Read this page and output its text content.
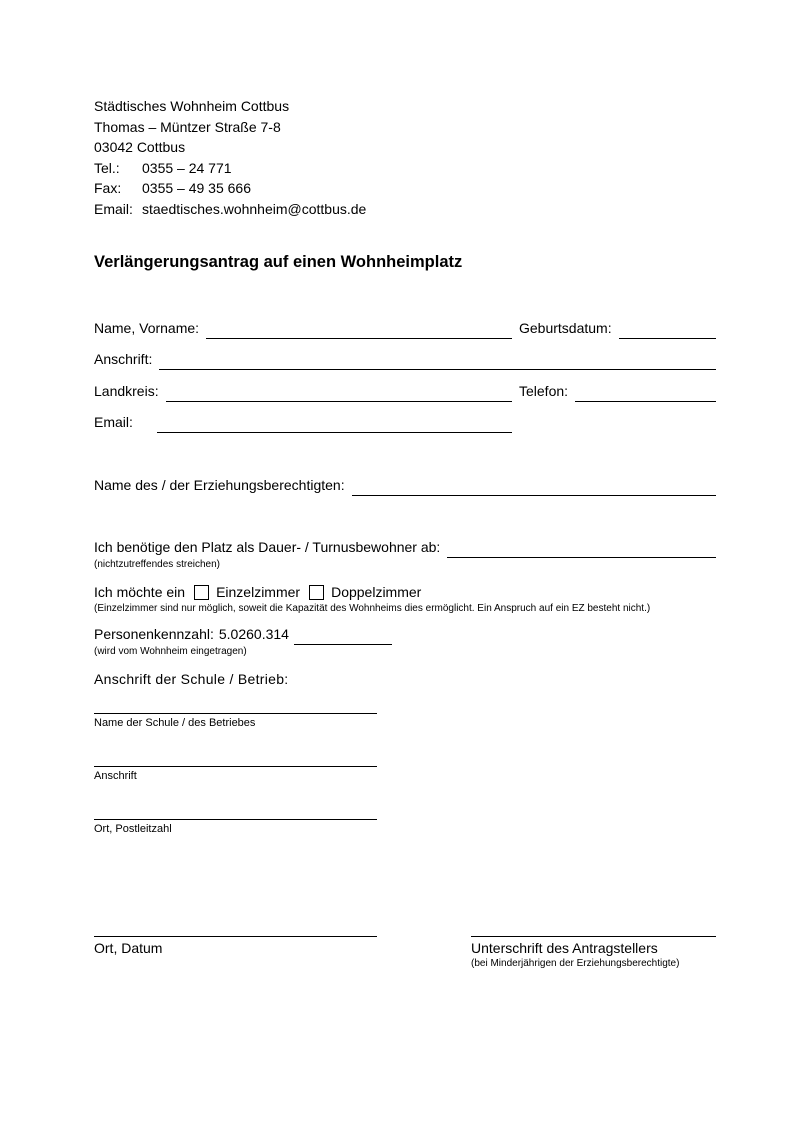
Städtisches Wohnheim Cottbus
Thomas – Müntzer Straße 7-8
03042 Cottbus
Tel.:	0355 – 24 771
Fax:	0355 – 49 35 666
Email: staedtisches.wohnheim@cottbus.de
Verlängerungsantrag auf einen Wohnheimplatz
Name, Vorname:	Geburtsdatum:
Anschrift:
Landkreis:	Telefon:
Email:
Name des / der Erziehungsberechtigten:
Ich benötige den Platz als Dauer- / Turnusbewohner ab:
(nichtzutreffendes streichen)
Ich möchte ein Einzelzimmer Doppelzimmer
(Einzelzimmer sind nur möglich, soweit die Kapazität des Wohnheims dies ermöglicht. Ein Anspruch auf ein EZ besteht nicht.)
Personenkennzahl: 5.0260.314
(wird vom Wohnheim eingetragen)
Anschrift der Schule / Betrieb:
Name der Schule / des Betriebes
Anschrift
Ort, Postleitzahl
Ort, Datum	Unterschrift des Antragstellers
(bei Minderjährigen der Erziehungsberechtigte)
